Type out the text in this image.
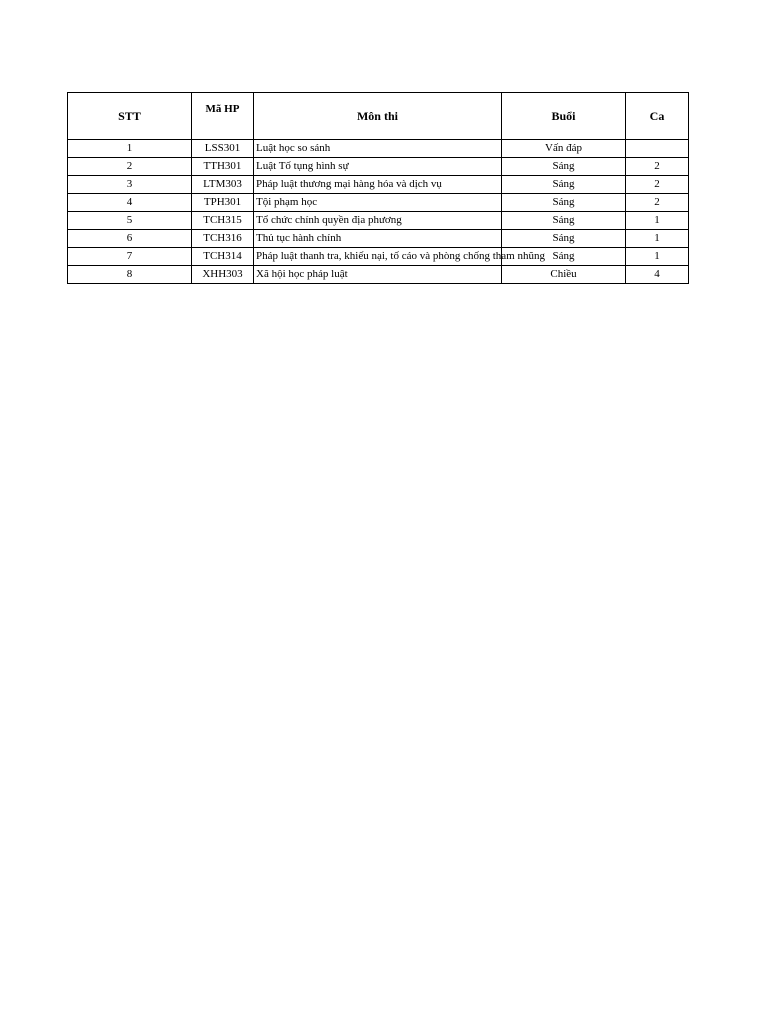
STT	Mã HP	Môn thi	Buổi	Ca
1	LSS301	Luật học so sánh	Vấn đáp	
2	TTH301	Luật Tố tụng hình sự	Sáng	2
3	LTM303	Pháp luật thương mại hàng hóa và dịch vụ	Sáng	2
4	TPH301	Tội phạm học	Sáng	2
5	TCH315	Tổ chức chính quyền địa phương	Sáng	1
6	TCH316	Thủ tục hành chính	Sáng	1
7	TCH314	Pháp luật thanh tra, khiếu nại, tố cáo và phòng chống tham nhũng	Sáng	1
8	XHH303	Xã hội học pháp luật	Chiều	4
